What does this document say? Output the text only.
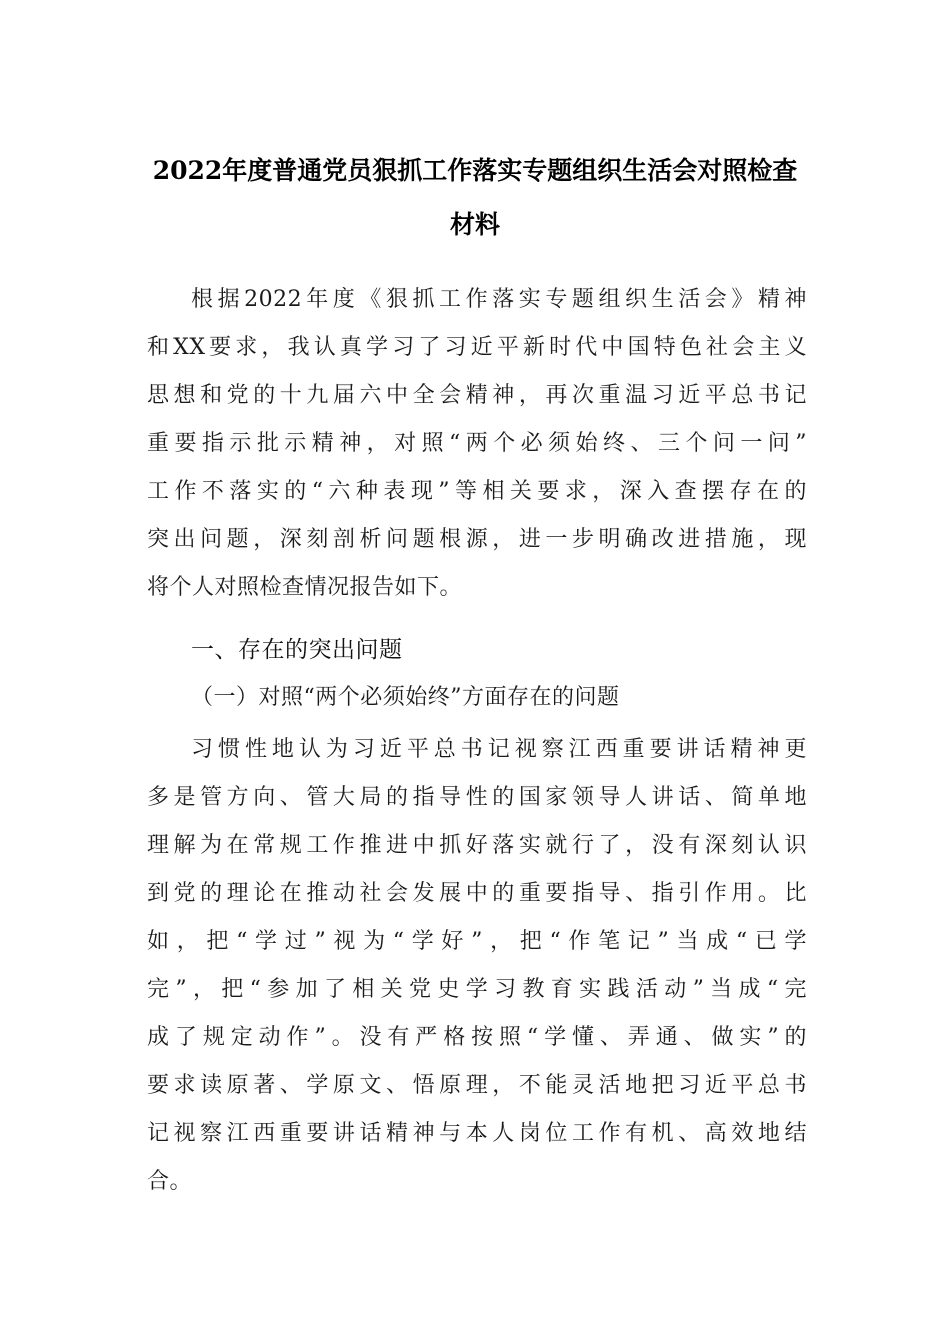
2022年度普通党员狠抓工作落实专题组织生活会对照检查
材料
根据2022年度《狠抓工作落实专题组织生活会》精神
和XX要求，我认真学习了习近平新时代中国特色社会主义
思想和党的十九届六中全会精神，再次重温习近平总书记
重要指示批示精神，对照“两个必须始终、三个问一问”
工作不落实的“六种表现”等相关要求，深入查摆存在的
突出问题，深刻剖析问题根源，进一步明确改进措施，现
将个人对照检查情况报告如下。
一、存在的突出问题
（一）对照“两个必须始终”方面存在的问题
习惯性地认为习近平总书记视察江西重要讲话精神更
多是管方向、管大局的指导性的国家领导人讲话、简单地
理解为在常规工作推进中抓好落实就行了，没有深刻认识
到党的理论在推动社会发展中的重要指导、指引作用。比
如，把“学过”视为“学好”，把“作笔记”当成“已学
完”，把“参加了相关党史学习教育实践活动”当成“完
成了规定动作”。没有严格按照“学懂、弄通、做实”的
要求读原著、学原文、悟原理，不能灵活地把习近平总书
记视察江西重要讲话精神与本人岗位工作有机、高效地结
合。
